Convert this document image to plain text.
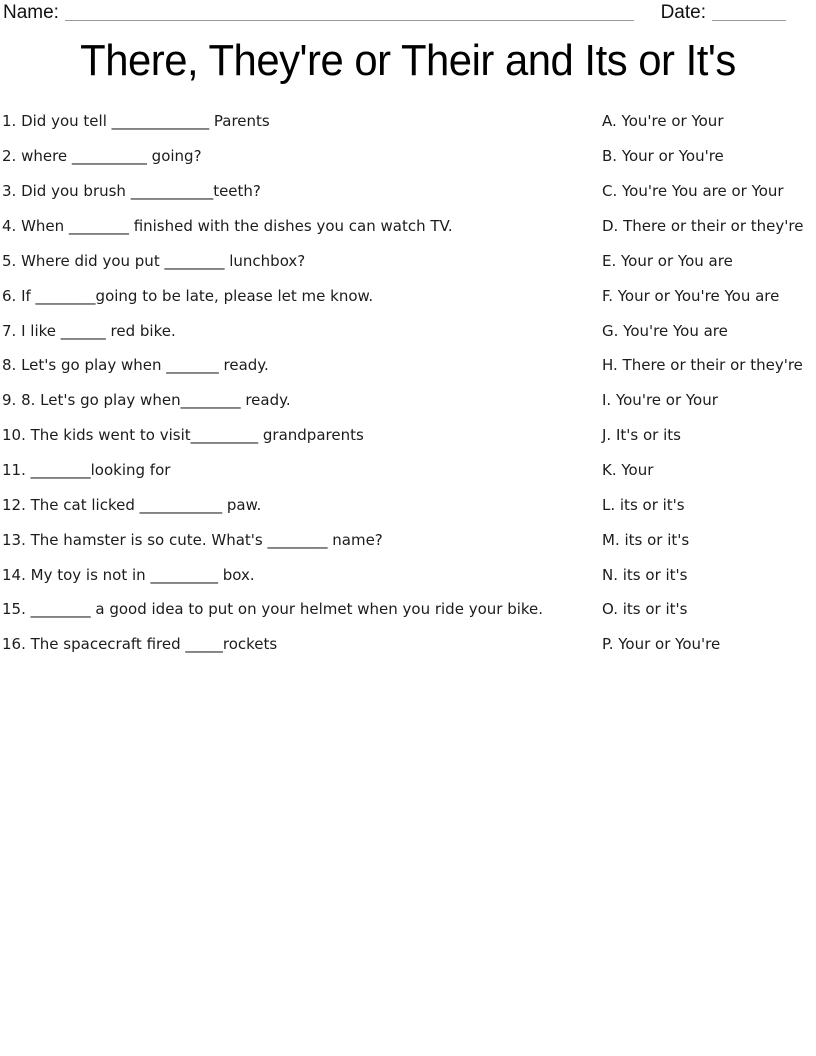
Name:	Date:
There, They're or Their and Its or It's
1. Did you tell _____________ Parents	A. You're or Your
2. where __________ going?	B. Your or You're
3. Did you brush ___________teeth?	C. You're You are or Your
4. When ________ finished with the dishes you can watch TV.	D. There or their or they're
5. Where did you put ________ lunchbox?	E. Your or You are
6. If ________going to be late, please let me know.	F. Your or You're You are
7. I like ______ red bike.	G. You're You are
8. Let's go play when _______ ready.	H. There or their or they're
9. 8. Let's go play when________ ready.	I. You're or Your
10. The kids went to visit_________ grandparents	J. It's or its
11. ________looking for	K. Your
12. The cat licked ___________ paw.	L. its or it's
13. The hamster is so cute. What's ________ name?	M. its or it's
14. My toy is not in _________ box.	N. its or it's
15. ________ a good idea to put on your helmet when you ride your bike.	O. its or it's
16. The spacecraft fired _____rockets	P. Your or You're
